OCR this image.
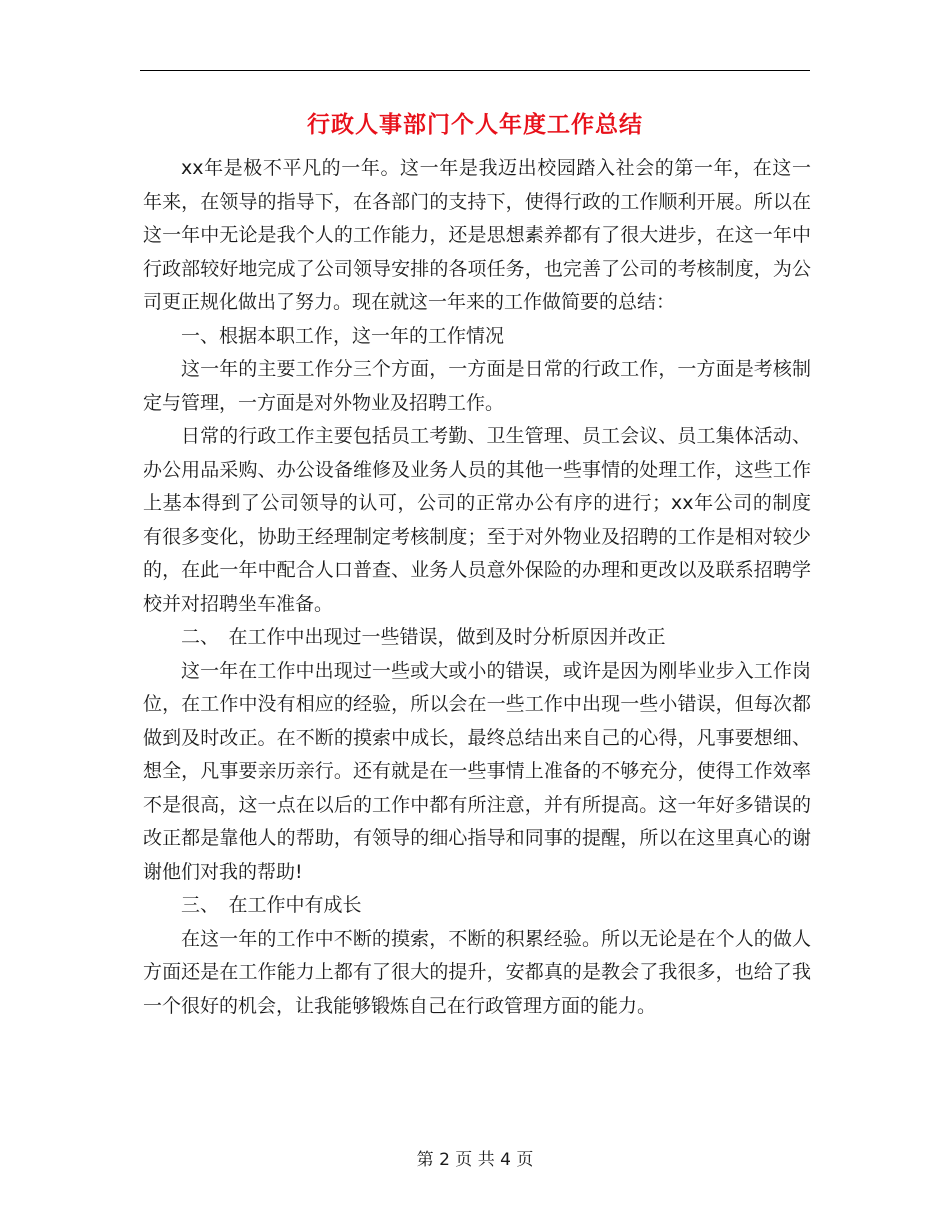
行政人事部门个人年度工作总结

xx年是极不平凡的一年。这一年是我迈出校园踏入社会的第一年，在这一年来，在领导的指导下，在各部门的支持下，使得行政的工作顺利开展。所以在这一年中无论是我个人的工作能力，还是思想素养都有了很大进步，在这一年中行政部较好地完成了公司领导安排的各项任务，也完善了公司的考核制度，为公司更正规化做出了努力。现在就这一年来的工作做简要的总结：

一、根据本职工作，这一年的工作情况

这一年的主要工作分三个方面，一方面是日常的行政工作，一方面是考核制定与管理，一方面是对外物业及招聘工作。

日常的行政工作主要包括员工考勤、卫生管理、员工会议、员工集体活动、办公用品采购、办公设备维修及业务人员的其他一些事情的处理工作，这些工作上基本得到了公司领导的认可，公司的正常办公有序的进行；xx年公司的制度有很多变化，协助王经理制定考核制度；至于对外物业及招聘的工作是相对较少的，在此一年中配合人口普查、业务人员意外保险的办理和更改以及联系招聘学校并对招聘坐车准备。

二、　在工作中出现过一些错误，做到及时分析原因并改正

这一年在工作中出现过一些或大或小的错误，或许是因为刚毕业步入工作岗位，在工作中没有相应的经验，所以会在一些工作中出现一些小错误，但每次都做到及时改正。在不断的摸索中成长，最终总结出来自己的心得，凡事要想细、想全，凡事要亲历亲行。还有就是在一些事情上准备的不够充分，使得工作效率不是很高，这一点在以后的工作中都有所注意，并有所提高。这一年好多错误的改正都是靠他人的帮助，有领导的细心指导和同事的提醒，所以在这里真心的谢谢他们对我的帮助!

三、　在工作中有成长

在这一年的工作中不断的摸索，不断的积累经验。所以无论是在个人的做人方面还是在工作能力上都有了很大的提升，安都真的是教会了我很多，也给了我一个很好的机会，让我能够锻炼自己在行政管理方面的能力。

第 2 页 共 4 页
